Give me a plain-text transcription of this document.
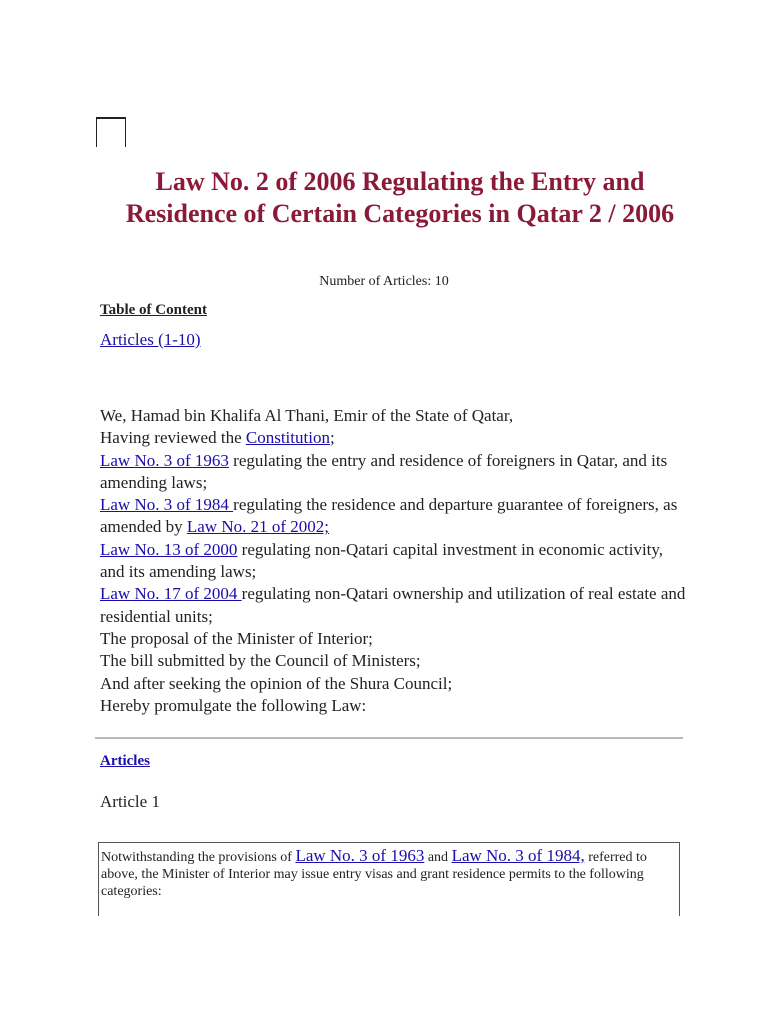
Law No. 2 of 2006 Regulating the Entry and Residence of Certain Categories in Qatar 2 / 2006
Number of Articles: 10
Table of Content
Articles (1-10)
We, Hamad bin Khalifa Al Thani, Emir of the State of Qatar,
Having reviewed the Constitution;
Law No. 3 of 1963 regulating the entry and residence of foreigners in Qatar, and its amending laws;
Law No. 3 of 1984 regulating the residence and departure guarantee of foreigners, as amended by Law No. 21 of 2002;
Law No. 13 of 2000 regulating non-Qatari capital investment in economic activity, and its amending laws;
Law No. 17 of 2004 regulating non-Qatari ownership and utilization of real estate and residential units;
The proposal of the Minister of Interior;
The bill submitted by the Council of Ministers;
And after seeking the opinion of the Shura Council;
Hereby promulgate the following Law:
Articles
Article 1
Notwithstanding the provisions of Law No. 3 of 1963 and Law No. 3 of 1984, referred to above, the Minister of Interior may issue entry visas and grant residence permits to the following categories:
